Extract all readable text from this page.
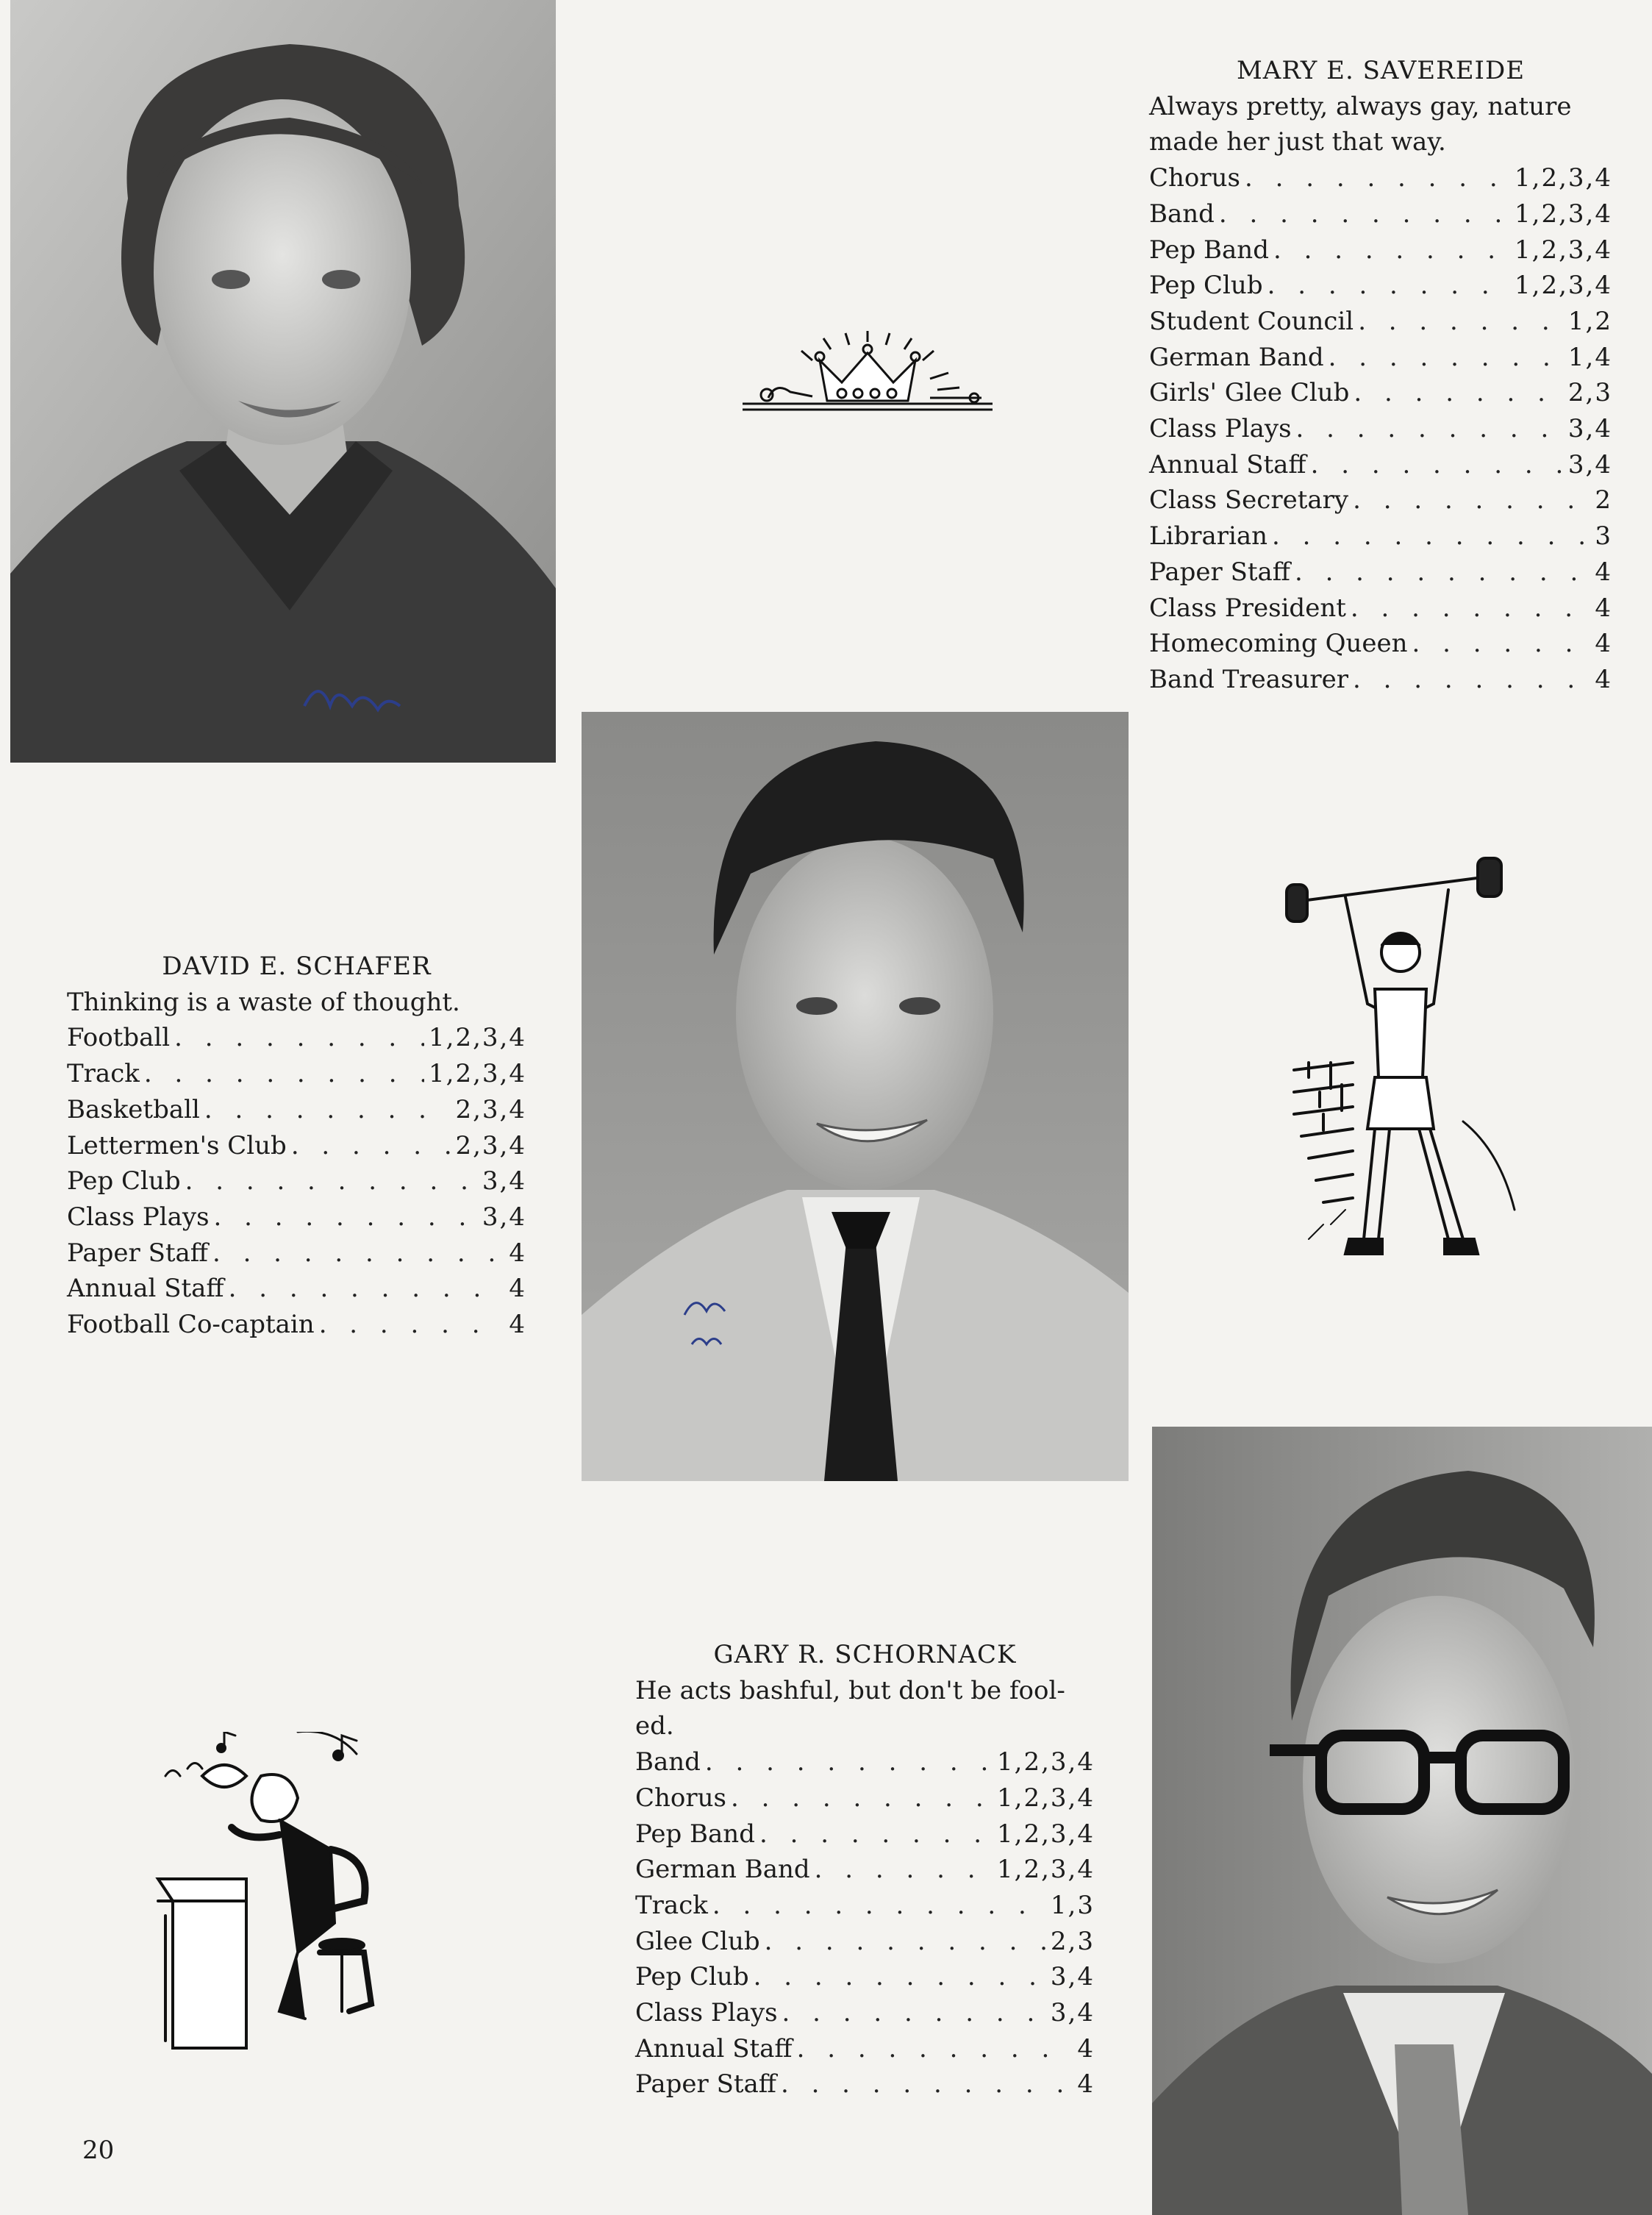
MARY E. SAVEREIDE
Always pretty, always gay, nature
made her just that way.
Chorus . . .	1,2,3,4
Band . . .	1,2,3,4
Pep Band . . .	1,2,3,4
Pep Club . . .	1,2,3,4
Student Council . . .	1,2
German Band . . .	1,4
Girls' Glee Club . . .	2,3
Class Plays . . .	3,4
Annual Staff . . .	3,4
Class Secretary . . .	2
Librarian . . .	3
Paper Staff . . .	4
Class President . . .	4
Homecoming Queen . . .	4
Band Treasurer . . .	4
DAVID E. SCHAFER
Thinking is a waste of thought.
Football . . .	1,2,3,4
Track . . .	1,2,3,4
Basketball . . .	2,3,4
Lettermen's Club . . .	2,3,4
Pep Club . . .	3,4
Class Plays . . .	3,4
Paper Staff . . .	4
Annual Staff . . .	4
Football Co-captain . . .	4
GARY R. SCHORNACK
He acts bashful, but don't be fool-
ed.
Band . . .	1,2,3,4
Chorus . . .	1,2,3,4
Pep Band . . .	1,2,3,4
German Band . . .	1,2,3,4
Track . . .	1,3
Glee Club . . .	2,3
Pep Club . . .	3,4
Class Plays . . .	3,4
Annual Staff . . .	4
Paper Staff . . .	4
20
